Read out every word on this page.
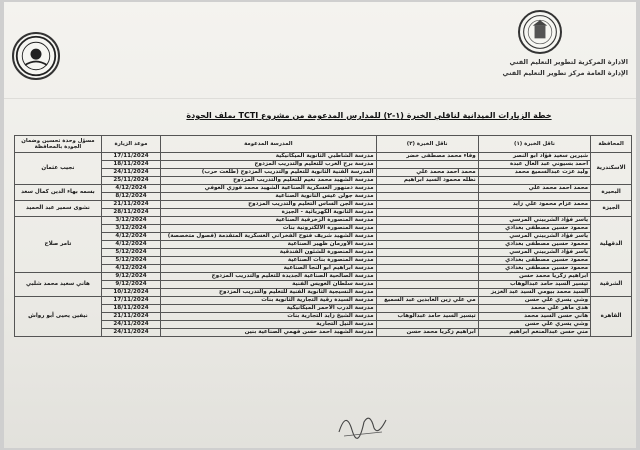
الادارة المركزية لتطوير التعليم الفني
الإدارة العامة مركز تطوير التعليم الفني
خطة الزيارات الميدانية لناقلي الخبرة (١-٢) للمدارس المدعومة من مشروع TCTI بملف الجودة
المحافظة	ناقل الخبرة (١)	ناقل الخبرة (٢)	المدرسة المدعومة	موعد الزيارة	مسؤل وحدة تحسين وضمان الجودة بالمحافظة
الاسكندرية	شيرين سعيد فؤاد أبو النصر	وفاء محمد مصطفى خضر	مدرسة الشاطبي الثانوية الميكانيكية	17/11/2024	نجيب عثمان
	احمد بسيوني عبد العال عبدة		مدرسة برج العرب للتعليم والتدريب المزدوج	18/11/2024	
	وليد عزت عبدالسميع محمد	محمد احمد محمد علي	المدرسة الفنية الثانوية للتعليم والتدريب المزدوج (طلعت حرب)	24/11/2024	
		نظله محمود السيد ابراهيم	مدرسة الشهيد محمد نعيم للتعليم والتدريب المزدوج	25/11/2024	
البحيرة	محمد احمد محمد علي		مدرسة دمنهور العسكرية الصناعية الشهيد محمد فوزي العوفي	4/12/2024	بسمه بهاء الدين كمال سعد
			مدرسة جولن عيس الثانوية الصناعية	8/12/2024	
الجيزة	محمد عزام محمود علي زايد		مدرسة الجن الساس التعليم والتدريب المزدوج	21/11/2024	نشوى سمير عبد الحميد
			مدرسة الثانوية الكهربائية - الجيزة	28/11/2024	
الدقهلية	ياسر فؤاد الشربيني المرسي		مدرسة المنصورة الزخرفية الصناعية	3/12/2024	تامر صلاح
	محمود حسين مصطفى بغدادي		مدرسة المنصورة الالكترونية بنات	3/12/2024	
	ياسر فؤاد الشربيني المرسي		مدرسة الشهيد شريف فتوح الفخراني العسكرية المتقدمة (فصول متخصصة)	4/12/2024	
	محمود حسين مصطفى بغدادي		مدرسة الاورمان ظهير الصناعية	4/12/2024	
	ياسر فؤاد الشربيني المرسي		مدرسة المنصورة للشئون الفندقية	5/12/2024	
	محمود حسين مصطفى بغدادي		مدرسة المنصورة بنات الصناعية	5/12/2024	
	محمود حسين مصطفى بغدادي		مدرسة ابراهيم ابو النجا الصناعية	4/12/2024	
الشرقية	ابراهيم زكريا محمد حسن		مدرسة الصالحية الصناعية الجديدة للتعليم والتدريب المزدوج	9/12/2024	هاني سعيد محمد شلبي
	تيسير السيد حامد عبدالوهاب		مدرسة سلطان العويس الفنية	9/12/2024	
	السيد محمد بيومي السيد عبد العزيز		مدرسة النسيجية الثانوية الفنية للتعليم والتدريب المزدوج	10/12/2024	
القاهرة	وشي يسري علي حسن	مي علي زين العابدين عبد السميع	مدرسة السيدة رقية التجارية الثانوية بنات	17/11/2024	نيفين يحيى أبو رواش
	هدى ماهر علي محمد		مدرسة الدرب الأحمر الميكانيكية	18/11/2024	
	هاني حسن السيد محمد	تيسير السيد حامد عبدالوهاب	مدرسة الشيخ زايد التجارية بنات	21/11/2024	
	وشي يسري علي حسن		مدرسة النيل التجارية	24/11/2024	
	مني حسن عبدالمنعم ابراهيم	ابراهيم زكريا محمد حسن	مدرسة الشهيد احمد حسن فهمي الصناعية بنين	24/11/2024	
